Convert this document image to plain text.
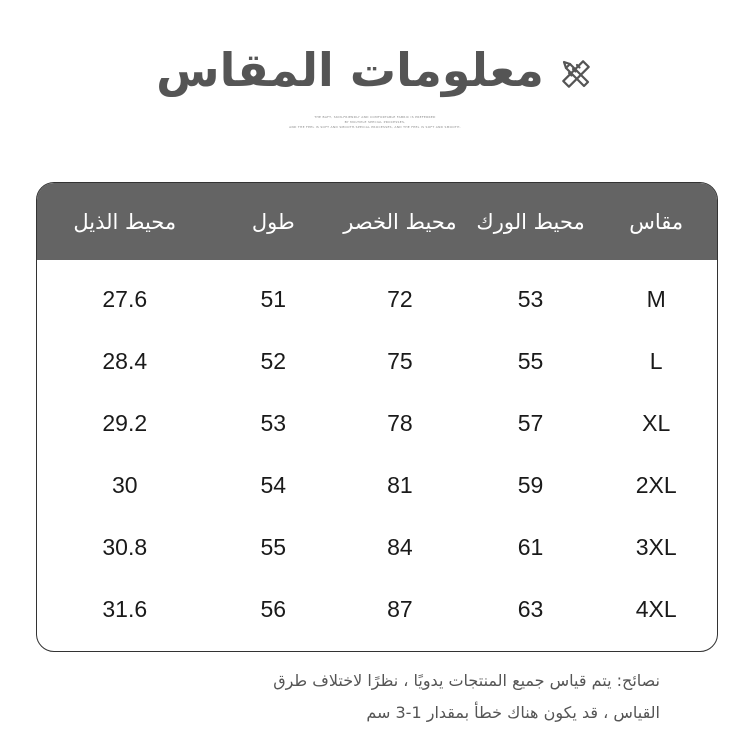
معلومات المقاس
THE BAFT, SKIN-FRIENDLY AND COMFORTABLE FABRIC IS PREFERRED
BY MULTIPLE SPECIAL PROCESSES,
AND THE FEEL IS SOFT AND SMOOTH.SPECIAL PROCESSES, AND THE FEEL IS SOFT AND SMOOTH.
مقاس
محيط الورك
محيط الخصر
طول
محيط الذيل
M
53
72
51
27.6
L
55
75
52
28.4
XL
57
78
53
29.2
2XL
59
81
54
30
3XL
61
84
55
30.8
4XL
63
87
56
31.6
نصائح: يتم قياس جميع المنتجات يدويًا ، نظرًا لاختلاف طرق
القياس ، قد يكون هناك خطأ بمقدار 1-3 سم
